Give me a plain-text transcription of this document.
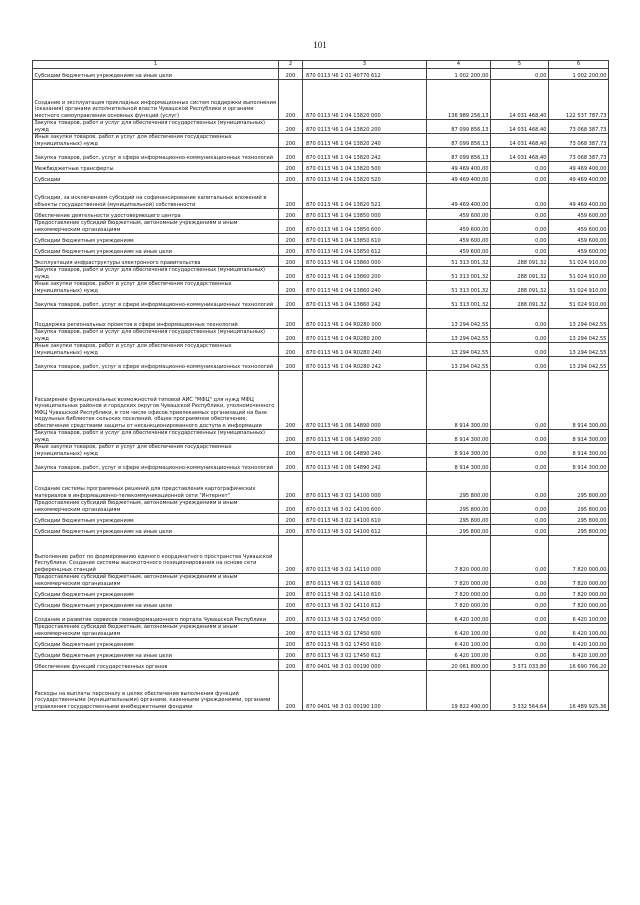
101
1	2	3	4	5	6
Субсидии бюджетным учреждениям на иные цели	200	870 0113 Ч6 1 01 40770 612	1 002 200,00	0,00	1 002 200,00
Создание и эксплуатация прикладных информационных систем поддержки выполнения (оказания) органами исполнительной власти Чувашской Республики и органами местного самоуправления основных функций (услуг)	200	870 0113 Ч6 1 04 13820 000	136 989 256,13	14 031 468,40	122 537 787,73
Закупка товаров, работ и услуг для обеспечения государственных (муниципальных) нужд	200	870 0113 Ч6 1 04 13820 200	87 099 856,13	14 031 468,40	73 068 387,73
Иные закупки товаров, работ и услуг для обеспечения государственных (муниципальных) нужд	200	870 0113 Ч6 1 04 13820 240	87 099 856,13	14 031 468,40	73 068 387,73
Закупка товаров, работ, услуг в сфере информационно-коммуникационных технологий	200	870 0113 Ч6 1 04 13820 242	87 099 856,13	14 031 468,40	73 068 387,73
Межбюджетные трансферты	200	870 0113 Ч6 1 04 13820 500	49 469 400,00	0,00	49 469 400,00
Субсидии	200	870 0113 Ч6 1 04 13820 520	49 469 400,00	0,00	49 469 400,00
Субсидии, за исключением субсидий на софинансирование капитальных вложений в объекты государственной (муниципальной) собственности	200	870 0113 Ч6 1 04 13820 521	49 469 400,00	0,00	49 469 400,00
Обеспечение деятельности удостоверяющего центра	200	870 0113 Ч6 1 04 13850 000	459 600,00	0,00	459 600,00
Предоставление субсидий бюджетным, автономным учреждениям и иным некоммерческим организациям	200	870 0113 Ч6 1 04 13850 600	459 600,00	0,00	459 600,00
Субсидии бюджетным учреждениям	200	870 0113 Ч6 1 04 13850 610	459 600,00	0,00	459 600,00
Субсидии бюджетным учреждениям на иные цели	200	870 0113 Ч6 1 04 13850 612	459 600,00	0,00	459 600,00
Эксплуатация инфраструктуры электронного правительства	200	870 0113 Ч6 1 04 13860 000	51 313 001,32	288 091,32	51 024 910,00
Закупка товаров, работ и услуг для обеспечения государственных (муниципальных) нужд	200	870 0113 Ч6 1 04 13860 200	51 313 001,32	288 091,32	51 024 910,00
Иные закупки товаров, работ и услуг для обеспечения государственных (муниципальных) нужд	200	870 0113 Ч6 1 04 13860 240	51 313 001,32	288 091,32	51 024 910,00
Закупка товаров, работ, услуг в сфере информационно-коммуникационных технологий	200	870 0113 Ч6 1 04 13860 242	51 313 001,32	288 091,32	51 024 910,00
Поддержка региональных проектов в сфере информационных технологий	200	870 0113 Ч6 1 04 R0280 000	13 294 042,55	0,00	13 294 042,55
Закупка товаров, работ и услуг для обеспечения государственных (муниципальных) нужд	200	870 0113 Ч6 1 04 R0280 200	13 294 042,55	0,00	13 294 042,55
Иные закупки товаров, работ и услуг для обеспечения государственных (муниципальных) нужд	200	870 0113 Ч6 1 04 R0280 240	13 294 042,55	0,00	13 294 042,55
Закупка товаров, работ, услуг в сфере информационно-коммуникационных технологий	200	870 0113 Ч6 1 04 R0280 242	13 294 042,55	0,00	13 294 042,55
Расширение функциональных возможностей типовой АИС "МФЦ" для нужд МФЦ муниципальных районов и городских округов Чувашской Республики, уполномоченного МФЦ Чувашской Республики, в том числе офисов привлекаемых организаций на базе модульных библиотек сельских поселений, общее программное обеспечение, обеспечение средствами защиты от несанкционированного доступа к информации	200	870 0113 Ч6 1 06 14890 000	8 914 300,00	0,00	8 914 300,00
Закупка товаров, работ и услуг для обеспечения государственных (муниципальных) нужд	200	870 0113 Ч6 1 06 14890 200	8 914 300,00	0,00	8 914 300,00
Иные закупки товаров, работ и услуг для обеспечения государственных (муниципальных) нужд	200	870 0113 Ч6 1 06 14890 240	8 914 300,00	0,00	8 914 300,00
Закупка товаров, работ, услуг в сфере информационно-коммуникационных технологий	200	870 0113 Ч6 1 06 14890 242	8 914 300,00	0,00	8 914 300,00
Создание системы программных решений для представления картографических материалов в информационно-телекоммуникационной сети "Интернет"	200	870 0113 Ч6 3 02 14100 000	295 800,00	0,00	295 800,00
Предоставление субсидий бюджетным, автономным учреждениям и иным некоммерческим организациям	200	870 0113 Ч6 3 02 14100 600	295 800,00	0,00	295 800,00
Субсидии бюджетным учреждениям	200	870 0113 Ч6 3 02 14100 610	295 800,00	0,00	295 800,00
Субсидии бюджетным учреждениям на иные цели	200	870 0113 Ч6 3 02 14100 612	295 800,00	0,00	295 800,00
Выполнение работ по формированию единого координатного пространства Чувашской Республики. Создание системы высокоточного позиционирования на основе сети референцных станций	200	870 0113 Ч6 3 02 14110 000	7 820 000,00	0,00	7 820 000,00
Предоставление субсидий бюджетным, автономным учреждениям и иным некоммерческим организациям	200	870 0113 Ч6 3 02 14110 600	7 820 000,00	0,00	7 820 000,00
Субсидии бюджетным учреждениям	200	870 0113 Ч6 3 02 14110 610	7 820 000,00	0,00	7 820 000,00
Субсидии бюджетным учреждениям на иные цели	200	870 0113 Ч6 3 02 14110 612	7 820 000,00	0,00	7 820 000,00
Создание и развитие сервисов геоинформационного портала Чувашской Республики	200	870 0113 Ч6 3 02 17450 000	6 420 100,00	0,00	6 420 100,00
Предоставление субсидий бюджетным, автономным учреждениям и иным некоммерческим организациям	200	870 0113 Ч6 3 02 17450 600	6 420 100,00	0,00	6 420 100,00
Субсидии бюджетным учреждениям	200	870 0113 Ч6 3 02 17450 610	6 420 100,00	0,00	6 420 100,00
Субсидии бюджетным учреждениям на иные цели	200	870 0113 Ч6 3 02 17450 612	6 420 100,00	0,00	6 420 100,00
Обеспечение функций государственных органов	200	870 0401 Ч6 3 01 00190 000	20 061 800,00	3 371 033,80	16 690 766,20
Расходы на выплаты персоналу в целях обеспечения выполнения функций государственными (муниципальными) органами, казенными учреждениями, органами управления государственными внебюджетными фондами	200	870 0401 Ч6 3 01 00190 100	19 822 490,00	3 332 564,64	16 489 925,36
